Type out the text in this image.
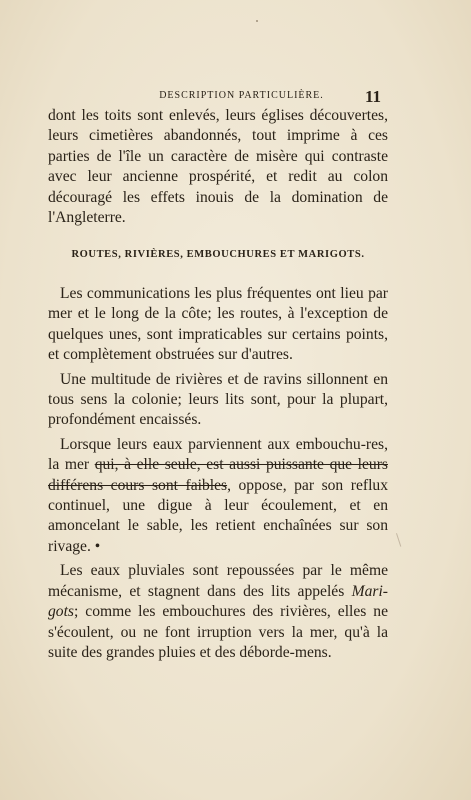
DESCRIPTION PARTICULIÈRE.	11

dont les toits sont enlevés, leurs églises découvertes, leurs cimetières abandonnés, tout imprime à ces parties de l'île un caractère de misère qui contraste avec leur ancienne prospérité, et redit au colon découragé les effets inouis de la domination de l'Angleterre.

ROUTES, RIVIÈRES, EMBOUCHURES ET MARIGOTS.

Les communications les plus fréquentes ont lieu par mer et le long de la côte; les routes, à l'exception de quelques unes, sont impraticables sur certains points, et complètement obstruées sur d'autres.

Une multitude de rivières et de ravins sillonnent en tous sens la colonie; leurs lits sont, pour la plupart, profondément encaissés.

Lorsque leurs eaux parviennent aux embouchu-res, la mer qui, à elle seule, est aussi puissante que leurs différens cours sont faibles, oppose, par son reflux continuel, une digue à leur écoulement, et en amoncelant le sable, les retient enchaînées sur son rivage. •

Les eaux pluviales sont repoussées par le même mécanisme, et stagnent dans des lits appelés Mari-gots; comme les embouchures des rivières, elles ne s'écoulent, ou ne font irruption vers la mer, qu'à la suite des grandes pluies et des déborde-mens.
